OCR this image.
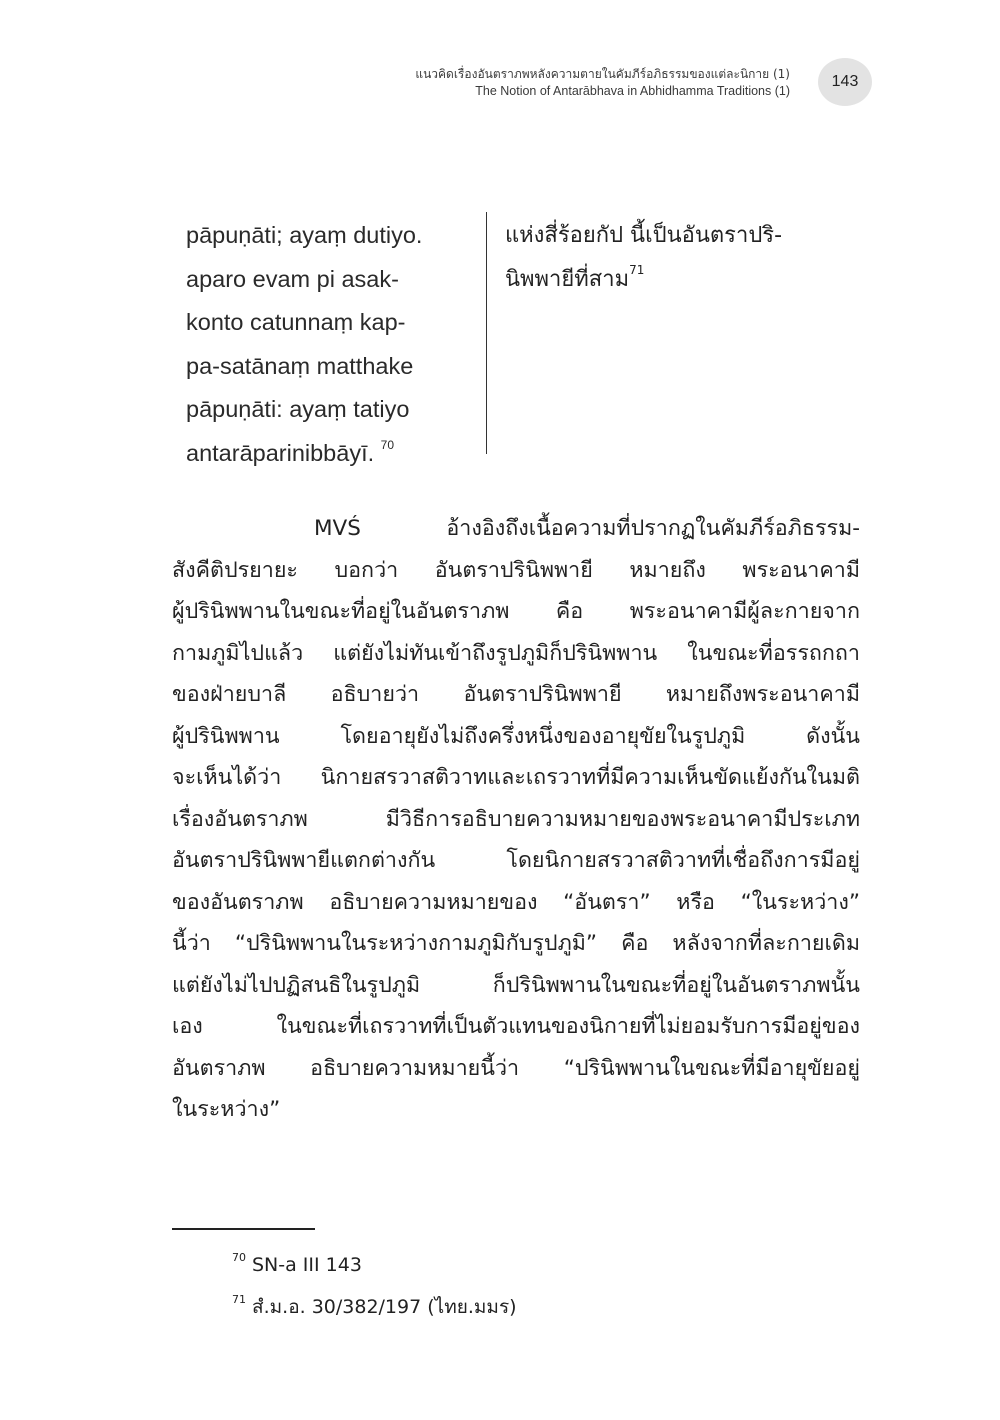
แนวคิดเรื่องอันตราภพหลังความตายในคัมภีร์อภิธรรมของแต่ละนิกาย (1)
The Notion of Antarābhava in Abhidhamma Traditions (1)
143
pāpuṇāti; ayaṃ dutiyo.
aparo evam pi asak-
konto catunnaṃ kap-
pa-satānaṃ matthake
pāpuṇāti: ayaṃ tatiyo
antarāparinibbāyī. $^{70}$
แห่งสี่ร้อยกัป นี้เป็นอันตราปริ-
นิพพายีที่สาม$^{71}$
MVŚ อ้างอิงถึงเนื้อความที่ปรากฏในคัมภีร์อภิธรรม-
สังคีติปรยายะ บอกว่า อันตราปรินิพพายี หมายถึง พระอนาคามี
ผู้ปรินิพพานในขณะที่อยู่ในอันตราภพ คือ พระอนาคามีผู้ละกายจาก
กามภูมิไปแล้ว แต่ยังไม่ทันเข้าถึงรูปภูมิก็ปรินิพพาน ในขณะที่อรรถกถา
ของฝ่ายบาลี อธิบายว่า อันตราปรินิพพายี หมายถึงพระอนาคามี
ผู้ปรินิพพาน โดยอายุยังไม่ถึงครึ่งหนึ่งของอายุขัยในรูปภูมิ ดังนั้น
จะเห็นได้ว่า นิกายสรวาสติวาทและเถรวาทที่มีความเห็นขัดแย้งกันในมติ
เรื่องอันตราภพ มีวิธีการอธิบายความหมายของพระอนาคามีประเภท
อันตราปรินิพพายีแตกต่างกัน โดยนิกายสรวาสติวาทที่เชื่อถึงการมีอยู่
ของอันตราภพ อธิบายความหมายของ “อันตรา” หรือ “ในระหว่าง”
นี้ว่า “ปรินิพพานในระหว่างกามภูมิกับรูปภูมิ” คือ หลังจากที่ละกายเดิม
แต่ยังไม่ไปปฏิสนธิในรูปภูมิ ก็ปรินิพพานในขณะที่อยู่ในอันตราภพนั้น
เอง ในขณะที่เถรวาทที่เป็นตัวแทนของนิกายที่ไม่ยอมรับการมีอยู่ของ
อันตราภพ อธิบายความหมายนี้ว่า “ปรินิพพานในขณะที่มีอายุขัยอยู่
ในระหว่าง”
$^{70}$ SN-a III 143
$^{71}$ สํ.ม.อ. 30/382/197 (ไทย.มมร)
